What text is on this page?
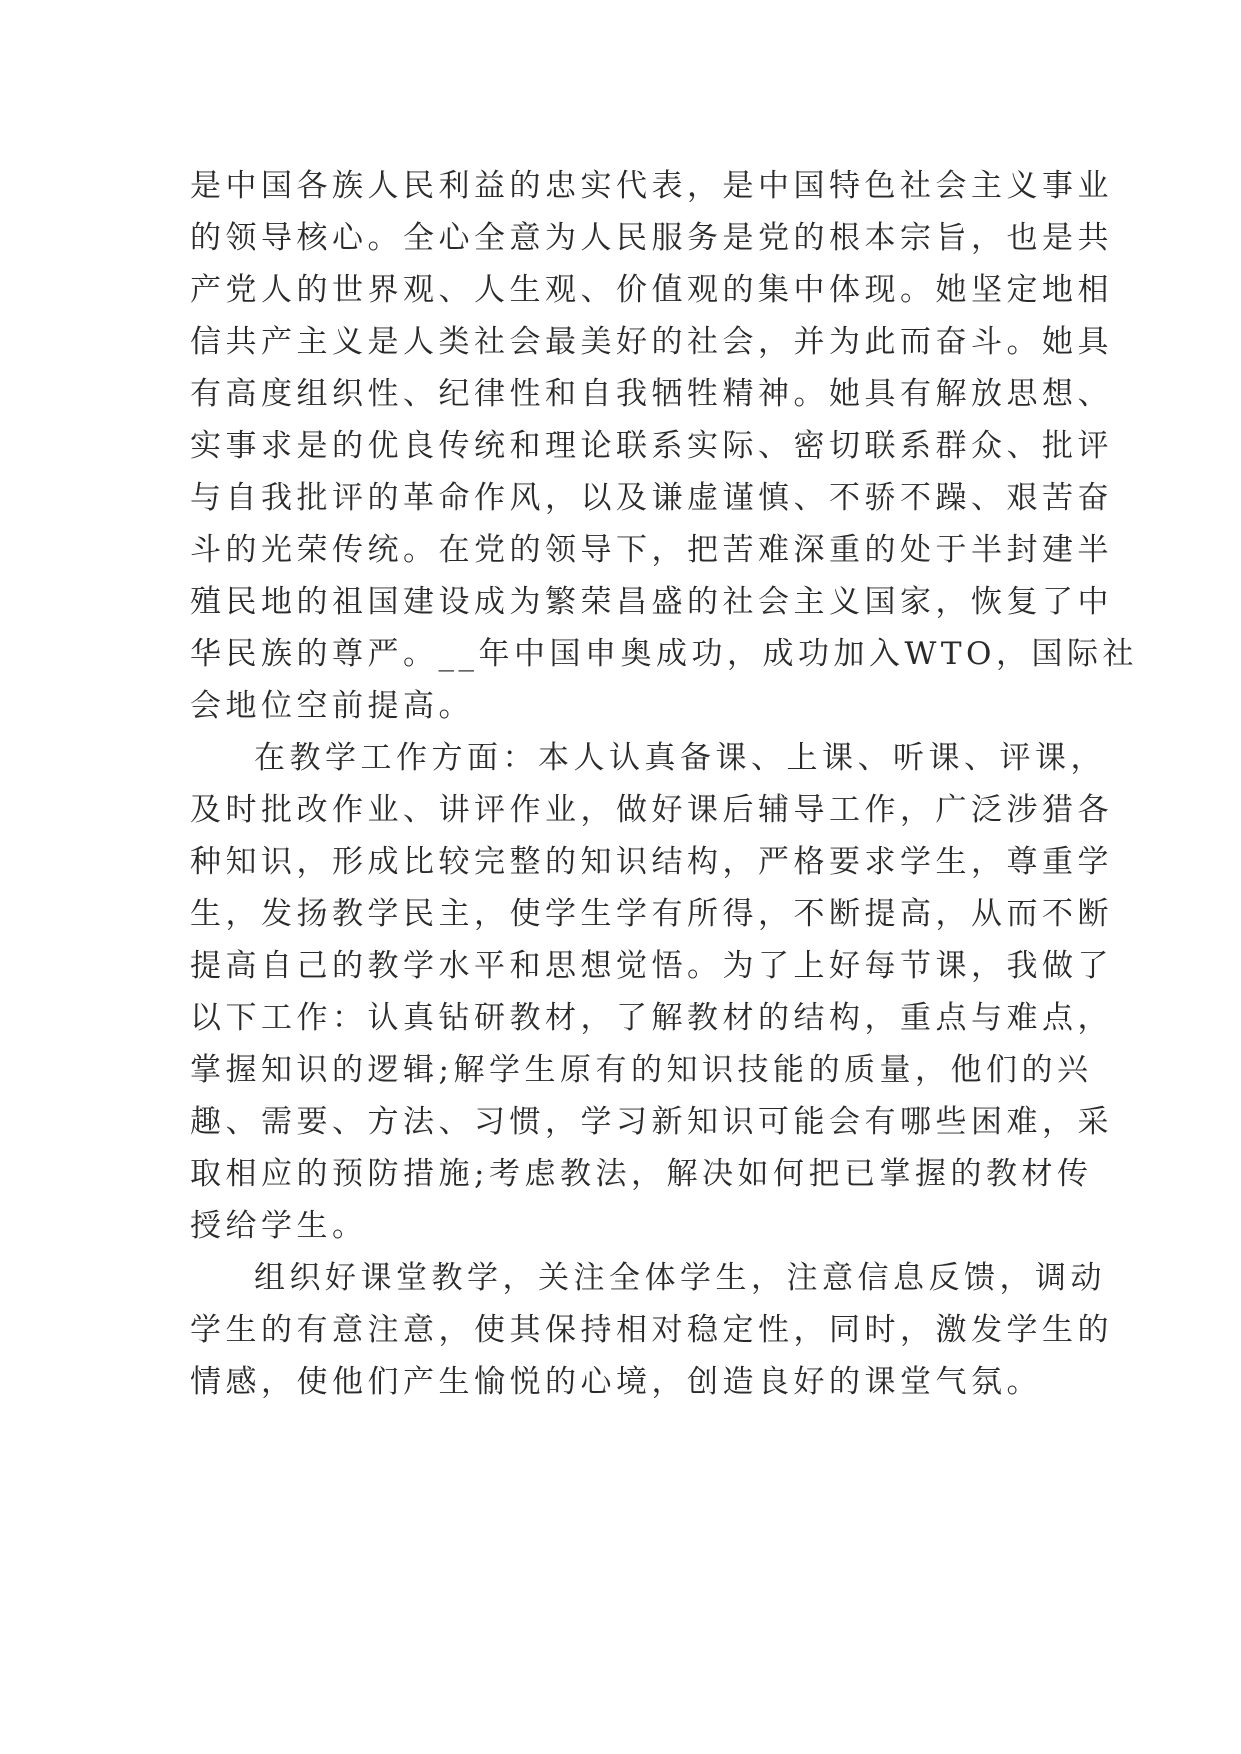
是中国各族人民利益的忠实代表，是中国特色社会主义事业
的领导核心。全心全意为人民服务是党的根本宗旨，也是共
产党人的世界观、人生观、价值观的集中体现。她坚定地相
信共产主义是人类社会最美好的社会，并为此而奋斗。她具
有高度组织性、纪律性和自我牺牲精神。她具有解放思想、
实事求是的优良传统和理论联系实际、密切联系群众、批评
与自我批评的革命作风，以及谦虚谨慎、不骄不躁、艰苦奋
斗的光荣传统。在党的领导下，把苦难深重的处于半封建半
殖民地的祖国建设成为繁荣昌盛的社会主义国家，恢复了中
华民族的尊严。__年中国申奥成功，成功加入WTO，国际社
会地位空前提高。
在教学工作方面：本人认真备课、上课、听课、评课，
及时批改作业、讲评作业，做好课后辅导工作，广泛涉猎各
种知识，形成比较完整的知识结构，严格要求学生，尊重学
生，发扬教学民主，使学生学有所得，不断提高，从而不断
提高自己的教学水平和思想觉悟。为了上好每节课，我做了
以下工作：认真钻研教材，了解教材的结构，重点与难点，
掌握知识的逻辑;解学生原有的知识技能的质量，他们的兴
趣、需要、方法、习惯，学习新知识可能会有哪些困难，采
取相应的预防措施;考虑教法，解决如何把已掌握的教材传
授给学生。
组织好课堂教学，关注全体学生，注意信息反馈，调动
学生的有意注意，使其保持相对稳定性，同时，激发学生的
情感，使他们产生愉悦的心境，创造良好的课堂气氛。
